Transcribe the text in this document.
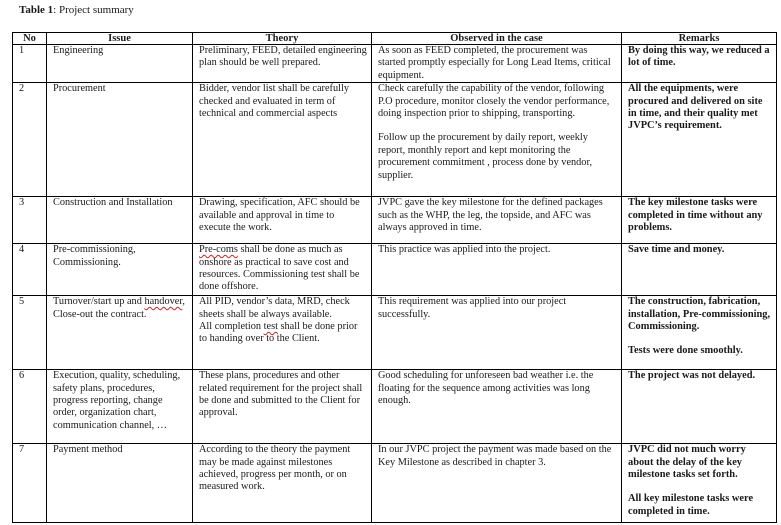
Table 1: Project summary
No	Issue	Theory	Observed in the case	Remarks
1	Engineering	Preliminary, FEED, detailed engineering plan should be well prepared.	As soon as FEED completed, the procurement was started promptly especially for Long Lead Items, critical equipment.	By doing this way, we reduced a lot of time.

2	Procurement	Bidder, vendor list shall be carefully checked and evaluated in term of technical and commercial aspects	Check carefully the capability of the vendor, following P.O procedure, monitor closely the vendor performance, doing inspection prior to shipping, transporting.
Follow up the procurement by daily report, weekly report, monthly report and kept monitoring the procurement commitment , process done by vendor, supplier.	All the equipments, were procured and delivered on site in time, and their quality met JVPC’s requirement.

3	Construction and Installation	Drawing, specification, AFC should be available and approval in time to execute the work.	JVPC gave the key milestone for the defined packages such as the WHP, the leg, the topside, and AFC was always approved in time.	The key milestone tasks were completed in time without any problems.

4	Pre-commissioning, Commissioning.	Pre-coms shall be done as much as onshore as practical to save cost and resources. Commissioning test shall be done offshore.	This practice was applied into the project.	Save time and money.

5	Turnover/start up and handover, Close-out the contract.	All PID, vendor’s data, MRD, check sheets shall be always available.
All completion test shall be done prior to handing over to the Client.	This requirement was applied into our project successfully.	The construction, fabrication, installation, Pre-commissioning, Commissioning.
Tests were done smoothly.

6	Execution, quality, scheduling, safety plans, procedures, progress reporting, change order, organization chart, communication channel, …	These plans, procedures and other related requirement for the project shall be done and submitted to the Client for approval.	Good scheduling for unforeseen bad weather i.e. the floating for the sequence among activities was long enough.	The project was not delayed.

7	Payment method	According to the theory the payment may be made against milestones achieved, progress per month, or on measured work.	In our JVPC project the payment was made based on the Key Milestone as described in chapter 3.	JVPC did not much worry about the delay of the key milestone tasks set forth.
All key milestone tasks were completed in time.
